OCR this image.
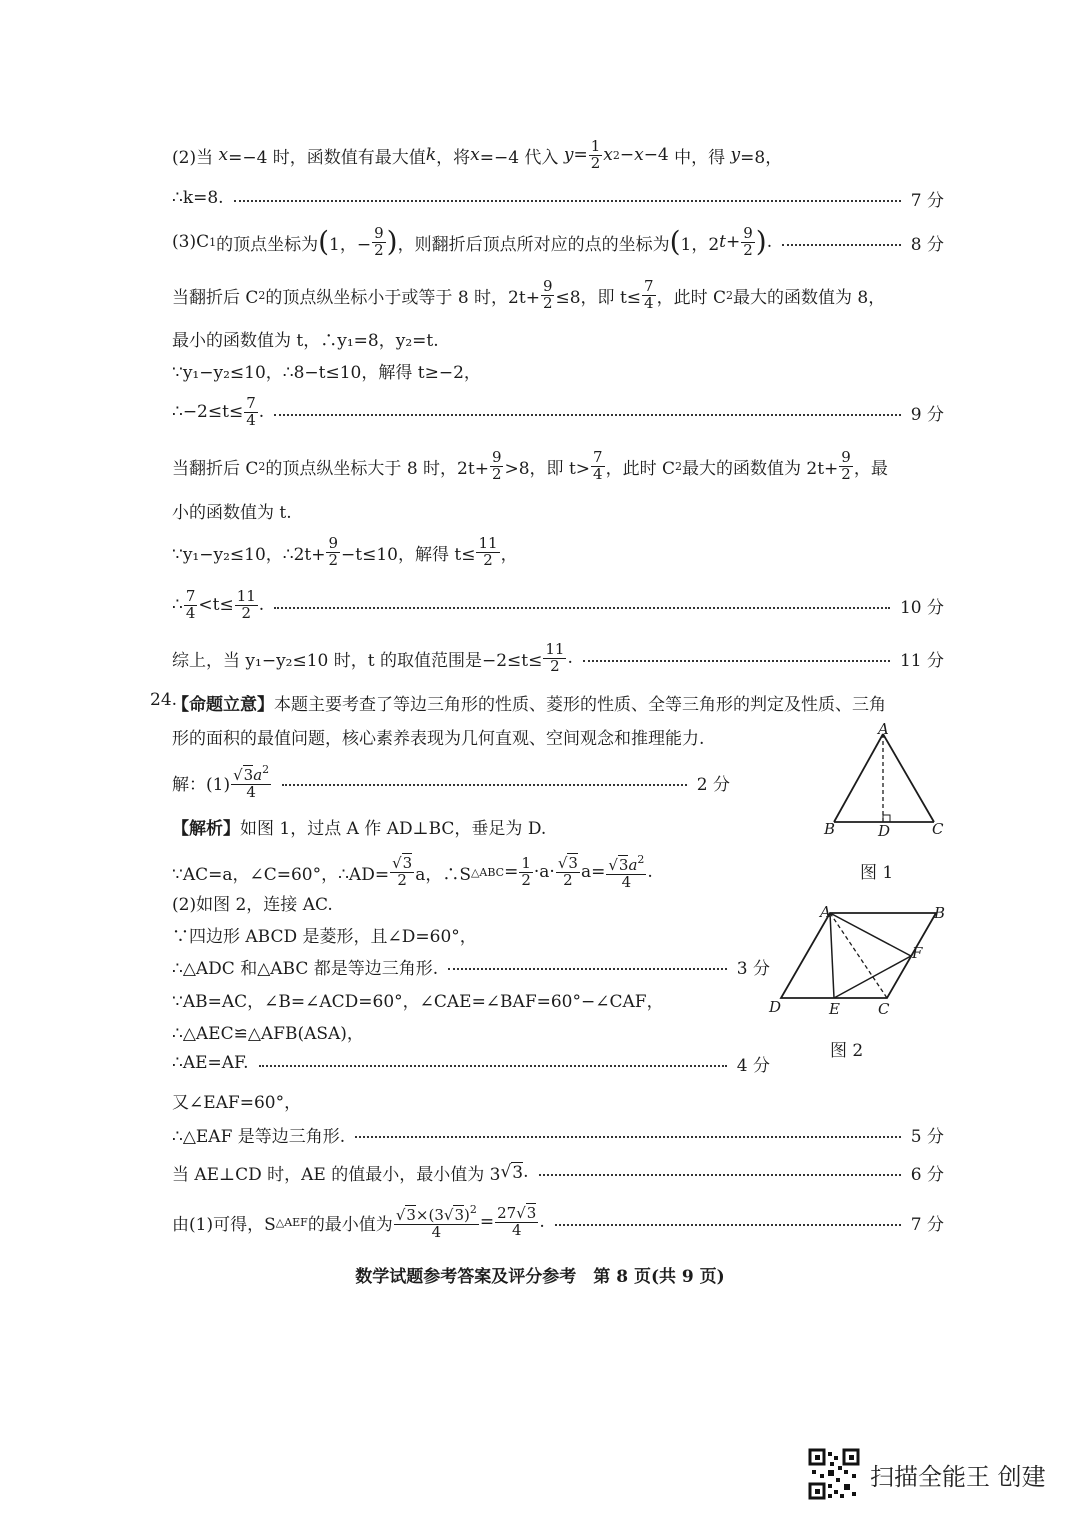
(2)当 x =−4 时，函数值有最大值 k ，将 x =−4 代入 $y = \frac{1}{2}$ x 2 − x −4 中，得 y =8，
∴k=8.	7 分
(3)C 1 的顶点坐标为 ( 1，− $\frac{9}{2}$ ) ，则翻折后顶点所对应的点的坐标为 ( 1，2 $t + \frac{9}{2}$ ) .	8 分
当翻折后 C 2 的顶点纵坐标小于或等于 8 时，$2t+ \frac{9}{2} \le 8$，即 $t\le \frac{7}{4}$ ，此时 C 2 最大的函数值为 8，
最小的函数值为 t，∴y₁=8，y₂=t.
∵y₁−y₂≤10，∴8−t≤10，解得 t≥−2，
∴−2≤t≤ $\frac{7}{4}$ .	9 分
当翻折后 C 2 的顶点纵坐标大于 8 时，$2t+ \frac{9}{2} >8$，即 $t> \frac{7}{4}$ ，此时 C 2 最大的函数值为 $2t+ \frac{9}{2}$ ，最
小的函数值为 t.
∵y₁−y₂≤10，∴2t+ $\frac{9}{2} -t\le 10$，解得 $t\le \frac{11}{2}$ ，
∴ $\frac{7}{4} <t\le \frac{11}{2}$ .	10 分
综上，当 y₁−y₂≤10 时，t 的取值范围是$-2\le t\le \frac{11}{2}$ .	11 分
24.
【命题立意】 本题主要考查了等边三角形的性质、菱形的性质、全等三角形的判定及性质、三角
形的面积的最值问题，核心素养表现为几何直观、空间观念和推理能力.
解：$(1) \frac{√3a^2}{4}$	2 分
【解析】 如图 1，过点 A 作 AD⊥BC，垂足为 D.
∵AC=a，∠C=60°，∴AD= $\frac{√3}{2}$ a，∴S △ABC = $\frac{1}{2} \cdot a\cdot \frac{√3}{2} a= \frac{√3a^2}{4}$ .
(2)如图 2，连接 AC.
∵四边形 ABCD 是菱形，且∠D=60°，
∴△ADC 和△ABC 都是等边三角形.	3 分
∵AB=AC，∠B=∠ACD=60°，∠CAE=∠BAF=60°−∠CAF，
∴△AEC≌△AFB(ASA)，
∴AE=AF.	4 分
又∠EAF=60°，
∴△EAF 是等边三角形.	5 分
当 AE⊥CD 时，AE 的值最小，最小值为 3 √ 3 .	6 分
由(1)可得，S △AEF 的最小值为 $\frac{√3\times(3√3)^2}{4} = \frac{27√3}{4}$ .	7 分
A
B	D	C
图 1
A	B
F
D	E	C
图 2
数学试题参考答案及评分参考　第 8 页(共 9 页)
扫描全能王 创建
